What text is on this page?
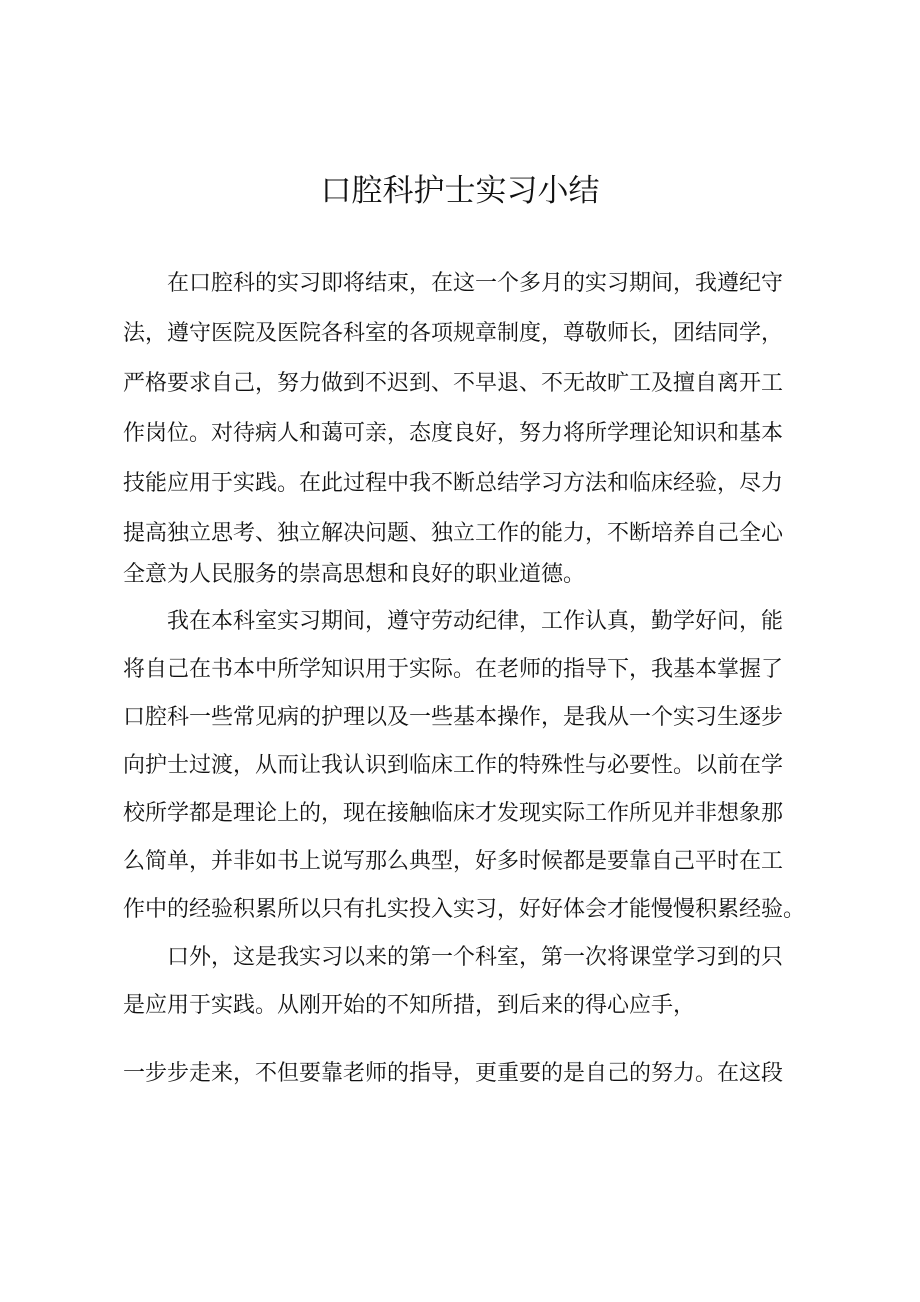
口腔科护士实习小结
在口腔科的实习即将结束，在这一个多月的实习期间，我遵纪守
法，遵守医院及医院各科室的各项规章制度，尊敬师长，团结同学，
严格要求自己，努力做到不迟到、不早退、不无故旷工及擅自离开工
作岗位。对待病人和蔼可亲，态度良好，努力将所学理论知识和基本
技能应用于实践。在此过程中我不断总结学习方法和临床经验，尽力
提高独立思考、独立解决问题、独立工作的能力，不断培养自己全心
全意为人民服务的崇高思想和良好的职业道德。
我在本科室实习期间，遵守劳动纪律，工作认真，勤学好问，能
将自己在书本中所学知识用于实际。在老师的指导下，我基本掌握了
口腔科一些常见病的护理以及一些基本操作，是我从一个实习生逐步
向护士过渡，从而让我认识到临床工作的特殊性与必要性。以前在学
校所学都是理论上的，现在接触临床才发现实际工作所见并非想象那
么简单，并非如书上说写那么典型，好多时候都是要靠自己平时在工
作中的经验积累所以只有扎实投入实习，好好体会才能慢慢积累经验。
口外，这是我实习以来的第一个科室，第一次将课堂学习到的只
是应用于实践。从刚开始的不知所措，到后来的得心应手，
一步步走来，不但要靠老师的指导，更重要的是自己的努力。在这段
